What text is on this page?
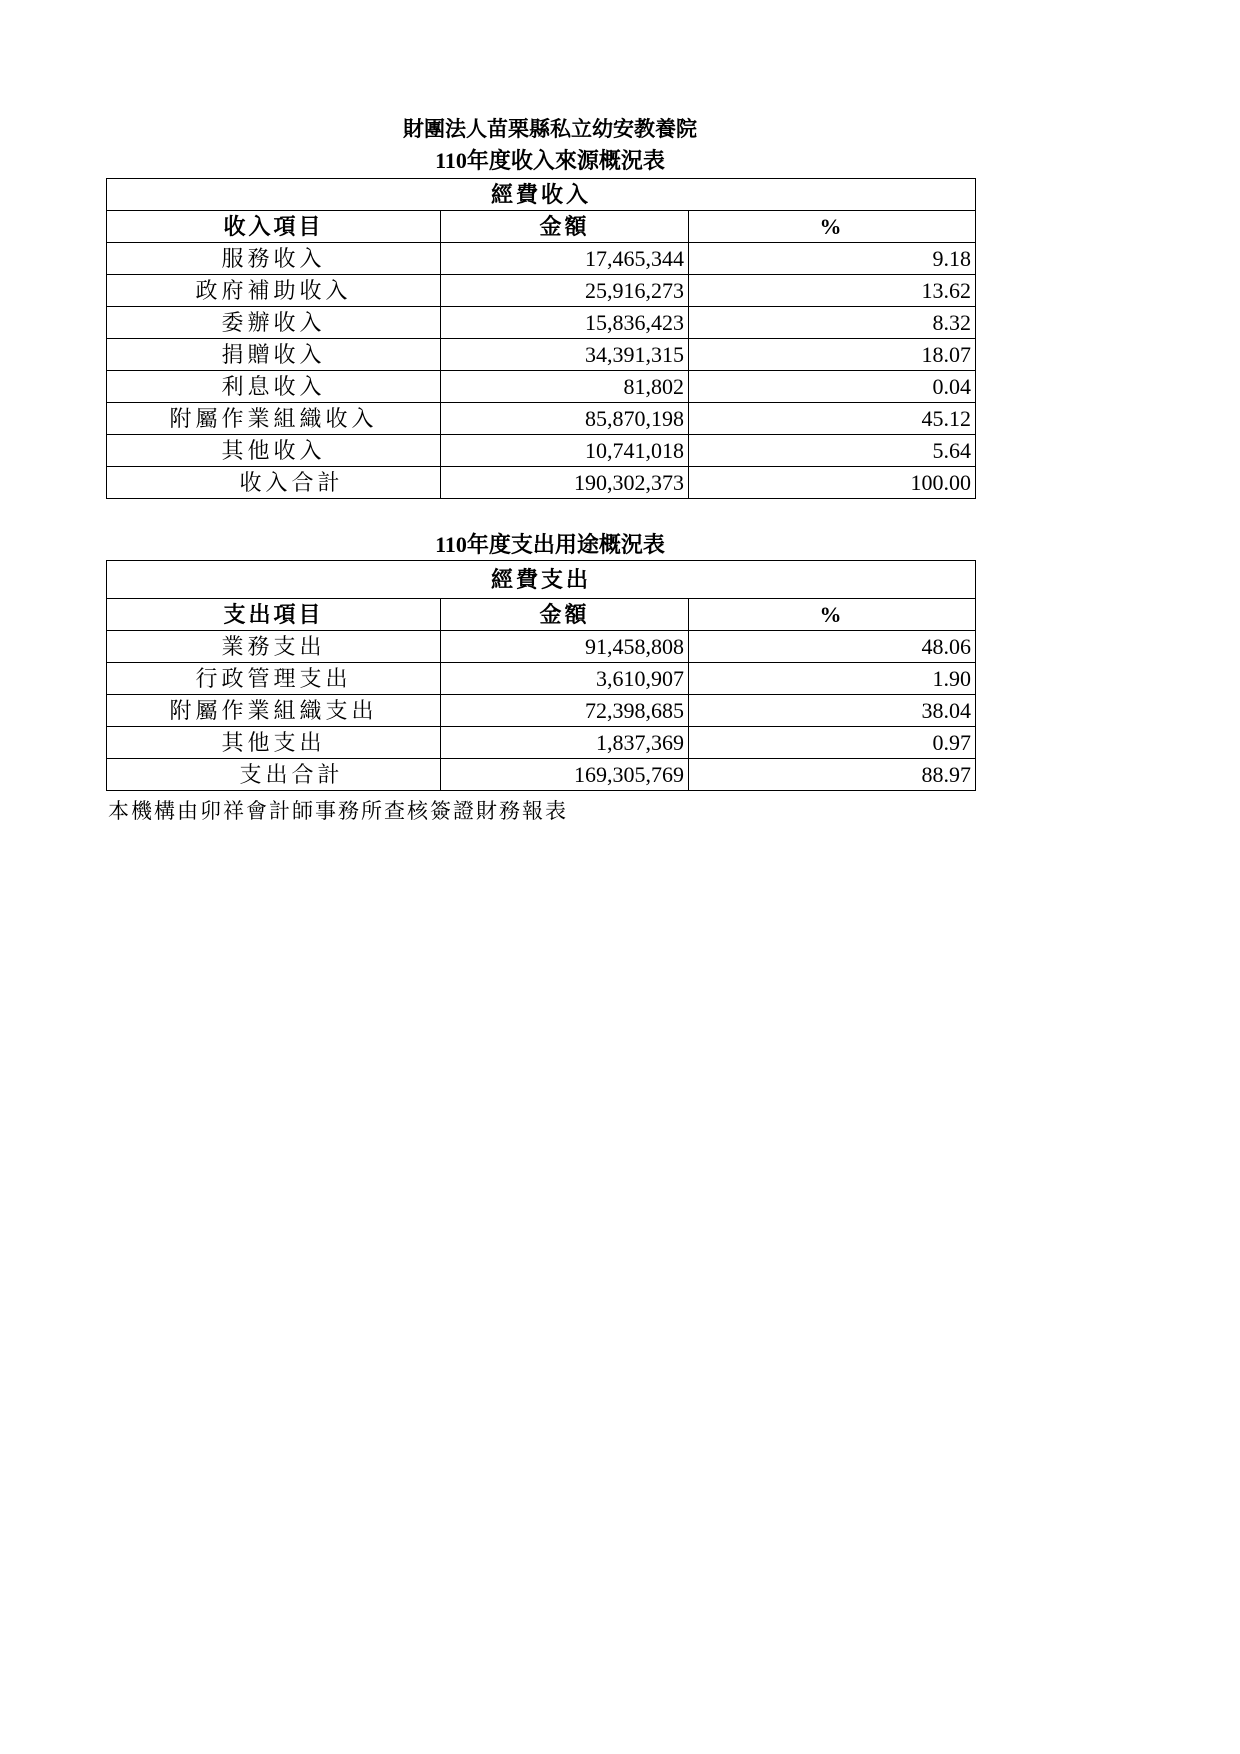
財團法人苗栗縣私立幼安教養院
110年度收入來源概況表
經費收入		
收入項目	金額	%
服務收入	17,465,344	9.18
政府補助收入	25,916,273	13.62
委辦收入	15,836,423	8.32
捐贈收入	34,391,315	18.07
利息收入	81,802	0.04
附屬作業組織收入	85,870,198	45.12
其他收入	10,741,018	5.64
收入合計	190,302,373	100.00
110年度支出用途概況表
經費支出		
支出項目	金額	%
業務支出	91,458,808	48.06
行政管理支出	3,610,907	1.90
附屬作業組織支出	72,398,685	38.04
其他支出	1,837,369	0.97
支出合計	169,305,769	88.97
本機構由卯祥會計師事務所查核簽證財務報表
